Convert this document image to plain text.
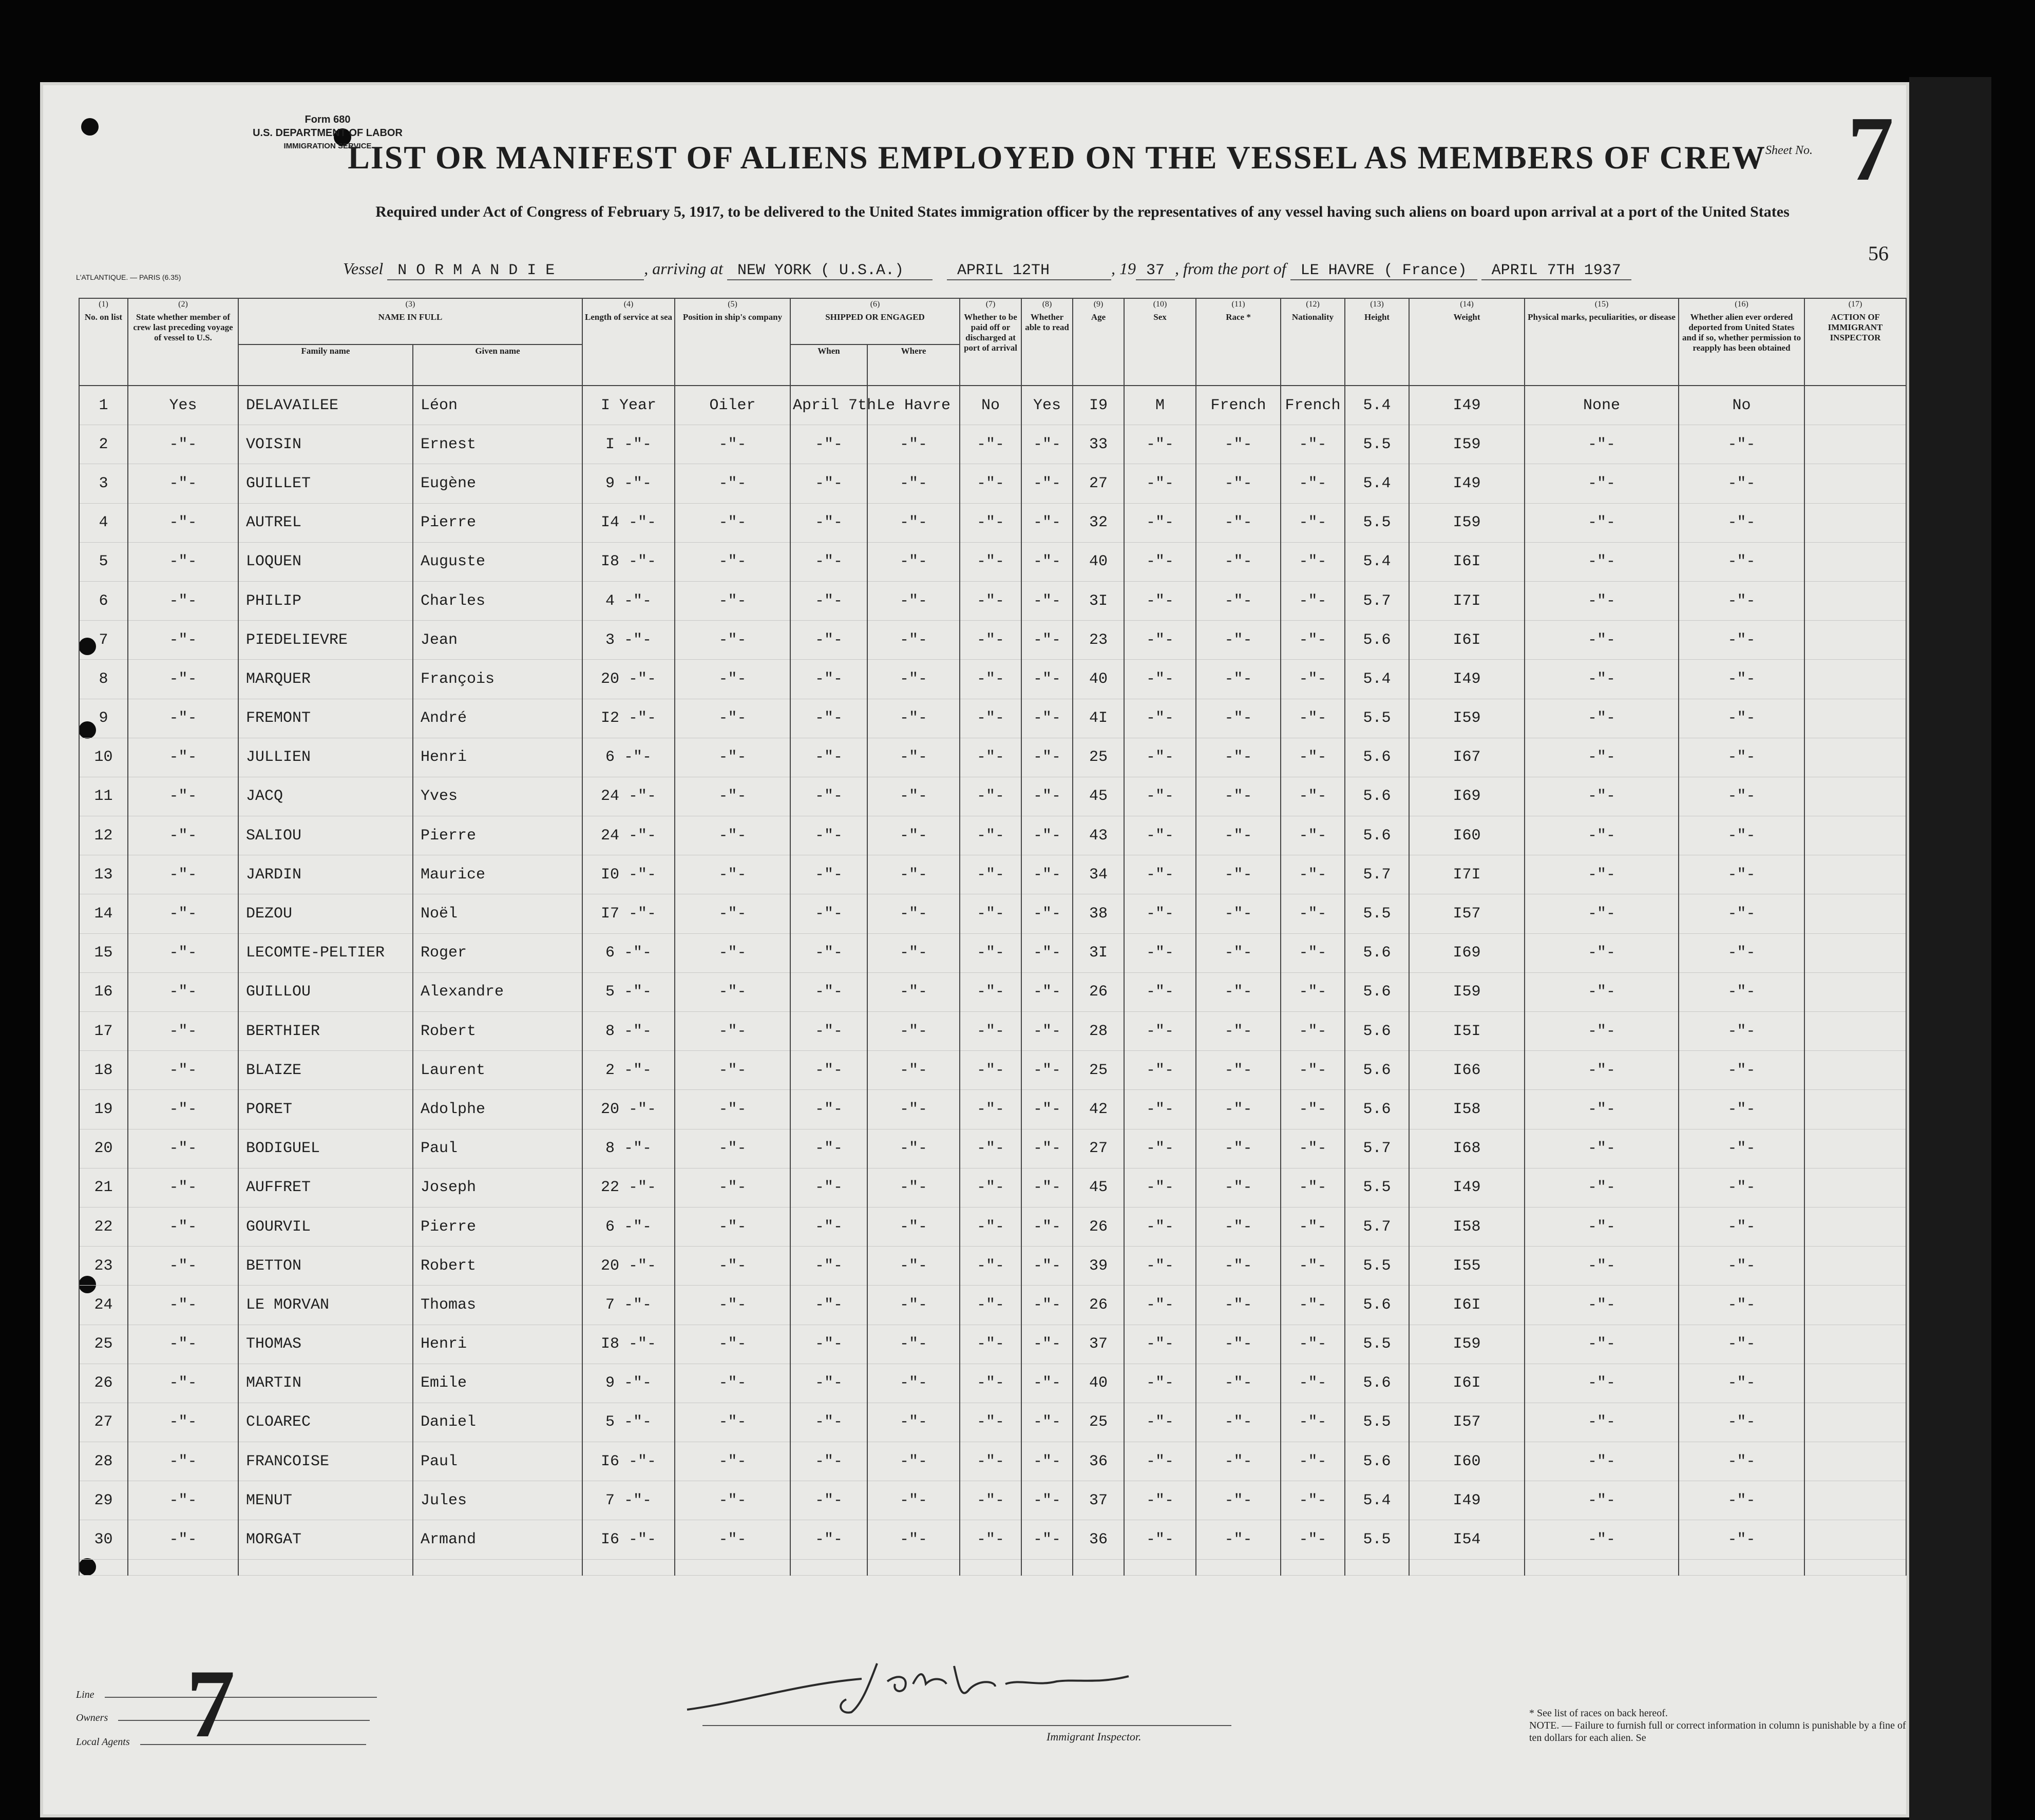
Form 680
U.S. DEPARTMENT OF LABOR
IMMIGRATION SERVICE
LIST OR MANIFEST OF ALIENS EMPLOYED ON THE VESSEL AS MEMBERS OF CREW Sheet No. 7
Required under Act of Congress of February 5, 1917, to be delivered to the United States immigration officer by the representatives of any vessel having such aliens on board upon arrival at a port of the United States
56
Vessel N O R M A N D I E	, arriving at NEW YORK ( U.S.A.)	APRIL 12TH	, 19 37 , from the port of LE HAVRE ( France) APRIL 7TH 1937
L'ATLANTIQUE. — PARIS (6.35)
(1)
No. on list	(2)
State whether member of crew last preceding voyage of vessel to U.S.	(3)
NAME IN FULL		(4)
Length of service at sea	(5)
Position in ship's company	(6)
SHIPPED OR ENGAGED		(7)
Whether to be paid off or discharged at port of arrival	(8)
Whether able to read	(9)
Age	(10)
Sex	(11)
Race *	(12)
Nationality	(13)
Height	(14)
Weight	(15)
Physical marks, peculiarities, or disease	(16)
Whether alien ever ordered deported from United States and if so, whether permission to reapply has been obtained	(17)
ACTION OF IMMIGRANT INSPECTOR
		Family name	Given name			When	Where											
1	Yes	DELAVAILEE	Léon	I Year	Oiler	April 7th	Le Havre	No	Yes	I9	M	French	French	5.4	I49	None	No	
2	-"-	VOISIN	Ernest	I -"-	-"-	-"-	-"-	-"-	-"-	33	-"-	-"-	-"-	5.5	I59	-"-	-"-	
3	-"-	GUILLET	Eugène	9 -"-	-"-	-"-	-"-	-"-	-"-	27	-"-	-"-	-"-	5.4	I49	-"-	-"-	
4	-"-	AUTREL	Pierre	I4 -"-	-"-	-"-	-"-	-"-	-"-	32	-"-	-"-	-"-	5.5	I59	-"-	-"-	
5	-"-	LOQUEN	Auguste	I8 -"-	-"-	-"-	-"-	-"-	-"-	40	-"-	-"-	-"-	5.4	I6I	-"-	-"-	
6	-"-	PHILIP	Charles	4 -"-	-"-	-"-	-"-	-"-	-"-	3I	-"-	-"-	-"-	5.7	I7I	-"-	-"-	
7	-"-	PIEDELIEVRE	Jean	3 -"-	-"-	-"-	-"-	-"-	-"-	23	-"-	-"-	-"-	5.6	I6I	-"-	-"-	
8	-"-	MARQUER	François	20 -"-	-"-	-"-	-"-	-"-	-"-	40	-"-	-"-	-"-	5.4	I49	-"-	-"-	
9	-"-	FREMONT	André	I2 -"-	-"-	-"-	-"-	-"-	-"-	4I	-"-	-"-	-"-	5.5	I59	-"-	-"-	
10	-"-	JULLIEN	Henri	6 -"-	-"-	-"-	-"-	-"-	-"-	25	-"-	-"-	-"-	5.6	I67	-"-	-"-	
11	-"-	JACQ	Yves	24 -"-	-"-	-"-	-"-	-"-	-"-	45	-"-	-"-	-"-	5.6	I69	-"-	-"-	
12	-"-	SALIOU	Pierre	24 -"-	-"-	-"-	-"-	-"-	-"-	43	-"-	-"-	-"-	5.6	I60	-"-	-"-	
13	-"-	JARDIN	Maurice	I0 -"-	-"-	-"-	-"-	-"-	-"-	34	-"-	-"-	-"-	5.7	I7I	-"-	-"-	
14	-"-	DEZOU	Noël	I7 -"-	-"-	-"-	-"-	-"-	-"-	38	-"-	-"-	-"-	5.5	I57	-"-	-"-	
15	-"-	LECOMTE-PELTIER	Roger	6 -"-	-"-	-"-	-"-	-"-	-"-	3I	-"-	-"-	-"-	5.6	I69	-"-	-"-	
16	-"-	GUILLOU	Alexandre	5 -"-	-"-	-"-	-"-	-"-	-"-	26	-"-	-"-	-"-	5.6	I59	-"-	-"-	
17	-"-	BERTHIER	Robert	8 -"-	-"-	-"-	-"-	-"-	-"-	28	-"-	-"-	-"-	5.6	I5I	-"-	-"-	
18	-"-	BLAIZE	Laurent	2 -"-	-"-	-"-	-"-	-"-	-"-	25	-"-	-"-	-"-	5.6	I66	-"-	-"-	
19	-"-	PORET	Adolphe	20 -"-	-"-	-"-	-"-	-"-	-"-	42	-"-	-"-	-"-	5.6	I58	-"-	-"-	
20	-"-	BODIGUEL	Paul	8 -"-	-"-	-"-	-"-	-"-	-"-	27	-"-	-"-	-"-	5.7	I68	-"-	-"-	
21	-"-	AUFFRET	Joseph	22 -"-	-"-	-"-	-"-	-"-	-"-	45	-"-	-"-	-"-	5.5	I49	-"-	-"-	
22	-"-	GOURVIL	Pierre	6 -"-	-"-	-"-	-"-	-"-	-"-	26	-"-	-"-	-"-	5.7	I58	-"-	-"-	
23	-"-	BETTON	Robert	20 -"-	-"-	-"-	-"-	-"-	-"-	39	-"-	-"-	-"-	5.5	I55	-"-	-"-	
24	-"-	LE MORVAN	Thomas	7 -"-	-"-	-"-	-"-	-"-	-"-	26	-"-	-"-	-"-	5.6	I6I	-"-	-"-	
25	-"-	THOMAS	Henri	I8 -"-	-"-	-"-	-"-	-"-	-"-	37	-"-	-"-	-"-	5.5	I59	-"-	-"-	
26	-"-	MARTIN	Emile	9 -"-	-"-	-"-	-"-	-"-	-"-	40	-"-	-"-	-"-	5.6	I6I	-"-	-"-	
27	-"-	CLOAREC	Daniel	5 -"-	-"-	-"-	-"-	-"-	-"-	25	-"-	-"-	-"-	5.5	I57	-"-	-"-	
28	-"-	FRANCOISE	Paul	I6 -"-	-"-	-"-	-"-	-"-	-"-	36	-"-	-"-	-"-	5.6	I60	-"-	-"-	
29	-"-	MENUT	Jules	7 -"-	-"-	-"-	-"-	-"-	-"-	37	-"-	-"-	-"-	5.4	I49	-"-	-"-	
30	-"-	MORGAT	Armand	I6 -"-	-"-	-"-	-"-	-"-	-"-	36	-"-	-"-	-"-	5.5	I54	-"-	-"-	

Line
Owners
Local Agents 7	Immigrant Inspector.
* See list of races on back hereof.
NOTE. — Failure to furnish full or correct information in column is punishable by a fine of ten dollars for each alien. Se
